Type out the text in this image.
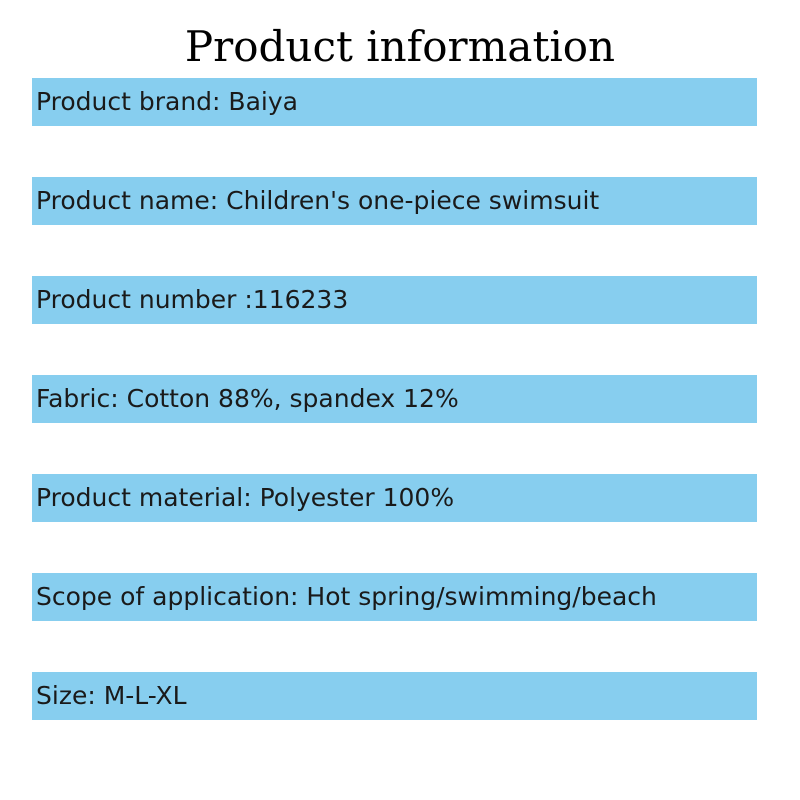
Product information
Product brand: Baiya
Product name: Children's one-piece swimsuit
Product number :116233
Fabric: Cotton 88%, spandex 12%
Product material: Polyester 100%
Scope of application: Hot spring/swimming/beach
Size: M-L-XL
